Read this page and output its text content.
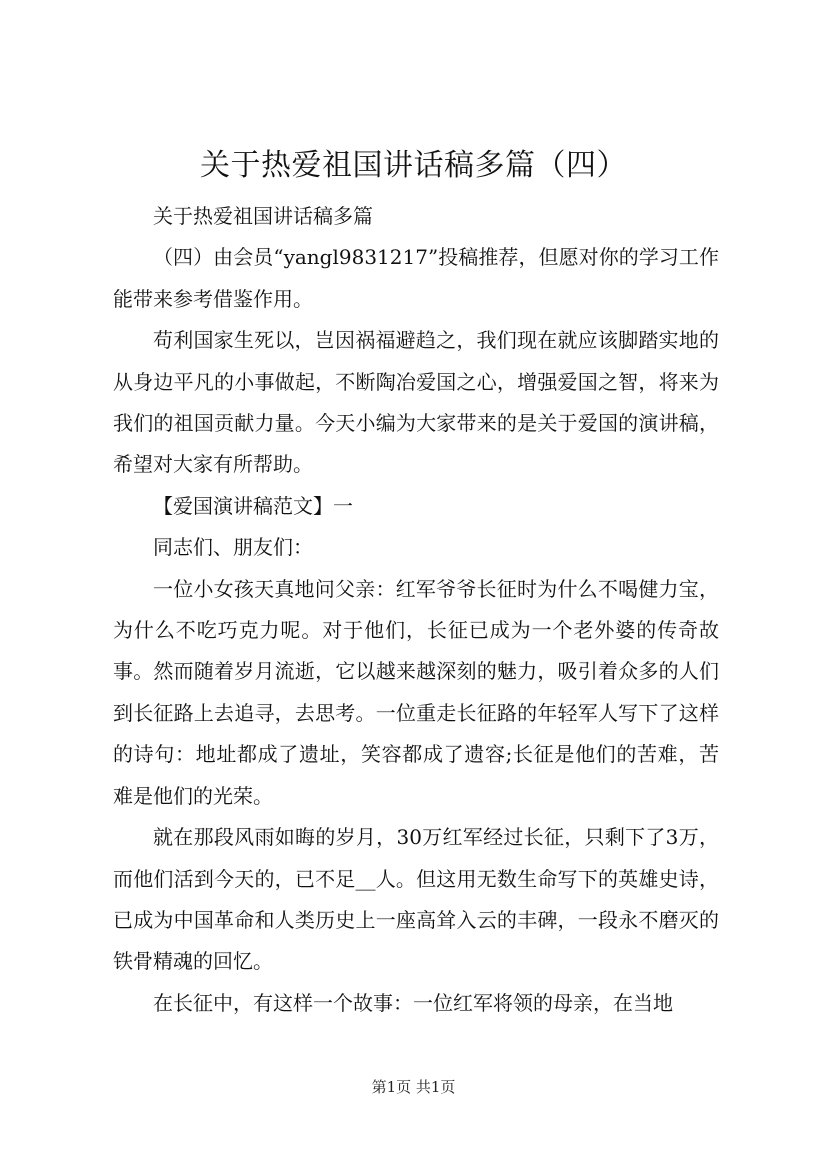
关于热爱祖国讲话稿多篇（四）

关于热爱祖国讲话稿多篇

（四）由会员“yangl9831217”投稿推荐，但愿对你的学习工作能带来参考借鉴作用。

苟利国家生死以，岂因祸福避趋之，我们现在就应该脚踏实地的从身边平凡的小事做起，不断陶冶爱国之心，增强爱国之智，将来为我们的祖国贡献力量。今天小编为大家带来的是关于爱国的演讲稿，希望对大家有所帮助。

【爱国演讲稿范文】一

同志们、朋友们：

一位小女孩天真地问父亲：红军爷爷长征时为什么不喝健力宝，为什么不吃巧克力呢。对于他们，长征已成为一个老外婆的传奇故事。然而随着岁月流逝，它以越来越深刻的魅力，吸引着众多的人们到长征路上去追寻，去思考。一位重走长征路的年轻军人写下了这样的诗句：地址都成了遗址，笑容都成了遗容;长征是他们的苦难，苦难是他们的光荣。

就在那段风雨如晦的岁月，30万红军经过长征，只剩下了3万，而他们活到今天的，已不足__人。但这用无数生命写下的英雄史诗，已成为中国革命和人类历史上一座高耸入云的丰碑，一段永不磨灭的铁骨精魂的回忆。

在长征中，有这样一个故事：一位红军将领的母亲，在当地

第1页 共1页
